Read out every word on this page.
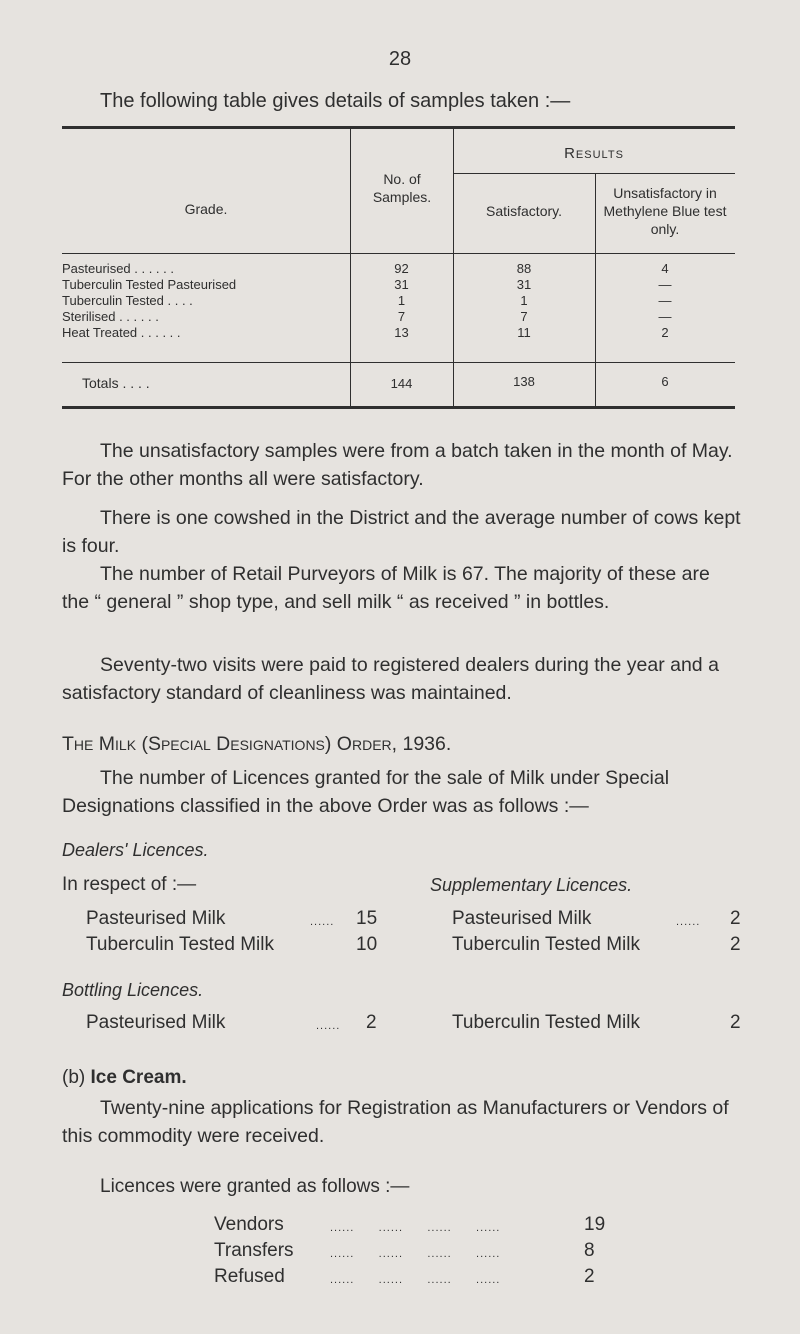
28
The following table gives details of samples taken :—
Grade.
No. of Samples.
Results
Satisfactory.
Unsatisfactory in Methylene Blue test only.
Pasteurised . . . . . .	92	88	4
Tuberculin Tested Pasteurised	31	31	—
Tuberculin Tested . . . .	1	1	—
Sterilised . . . . . .	7	7	—
Heat Treated . . . . . .	13	11	2
Totals . . . .	144	138	6
The unsatisfactory samples were from a batch taken in the month of May. For the other months all were satisfactory.
There is one cowshed in the District and the average number of cows kept is four.
The number of Retail Purveyors of Milk is 67. The majority of these are the “ general ” shop type, and sell milk “ as received ” in bottles.
Seventy-two visits were paid to registered dealers during the year and a satisfactory standard of cleanliness was maintained.
The Milk (Special Designations) Order, 1936.
The number of Licences granted for the sale of Milk under Special Designations classified in the above Order was as follows :—
Dealers' Licences.
In respect of :—	Supplementary Licences.
Pasteurised Milk	...... 15
Tuberculin Tested Milk	10
Pasteurised Milk	...... 2
Tuberculin Tested Milk	2
Bottling Licences.
Pasteurised Milk	...... 2	Tuberculin Tested Milk	2
(b) Ice Cream.
Twenty-nine applications for Registration as Manufacturers or Vendors of this commodity were received.
Licences were granted as follows :—
Vendors	......      ......      ......      ......	19
Transfers	......      ......      ......      ......	8
Refused	......      ......      ......      ......	2
